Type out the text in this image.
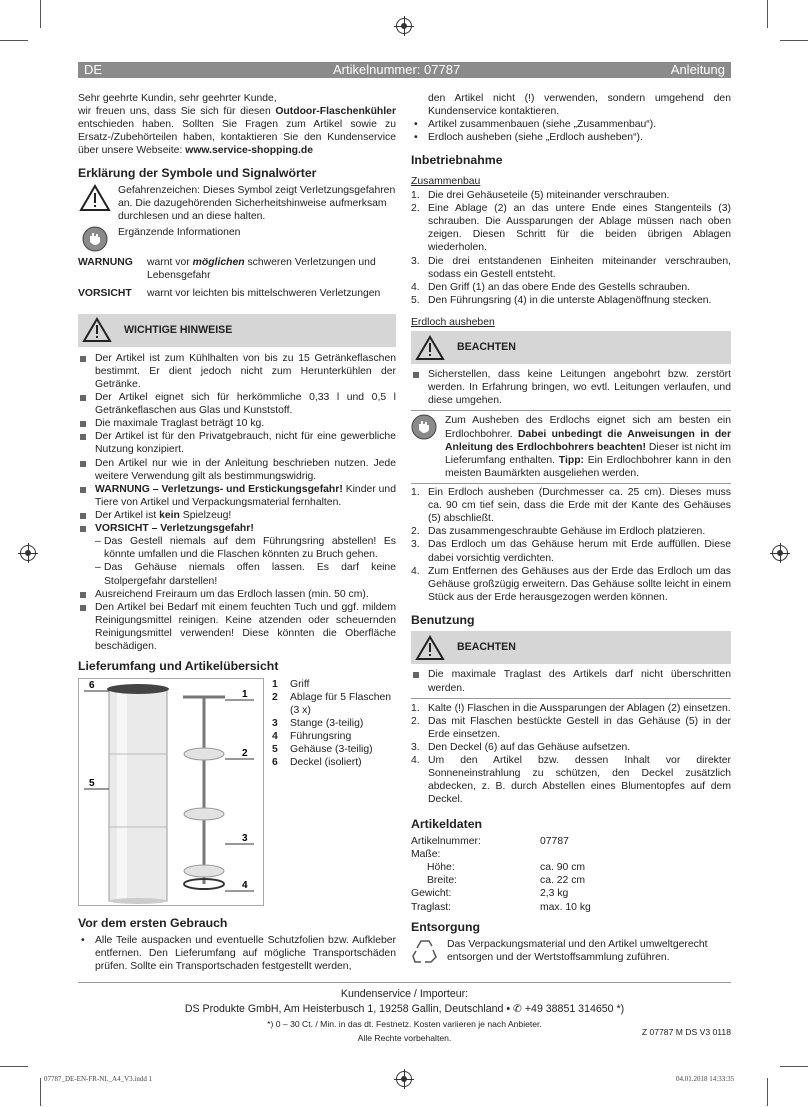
DE	Artikelnummer: 07787	Anleitung

Sehr geehrte Kundin, sehr geehrter Kunde,

wir freuen uns, dass Sie sich für diesen Outdoor-Flaschenkühler entschieden haben. Sollten Sie Fragen zum Artikel sowie zu Ersatz-/Zubehörteilen haben, kontaktieren Sie den Kundenservice über unsere Webseite: www.service-shopping.de

Erklärung der Symbole und Signalwörter
Gefahrenzeichen: Dieses Symbol zeigt Verletzungsgefahren an. Die dazugehörenden Sicherheitshinweise aufmerksam durchlesen und an diese halten.
Ergänzende Informationen
WARNUNG	warnt vor möglichen schweren Verletzungen und Lebensgefahr
VORSICHT	warnt vor leichten bis mittelschweren Verletzungen
WICHTIGE HINWEISE
Der Artikel ist zum Kühlhalten von bis zu 15 Getränkeflaschen bestimmt. Er dient jedoch nicht zum Herunterkühlen der Getränke.
Der Artikel eignet sich für herkömmliche 0,33 l und 0,5 l Getränkeflaschen aus Glas und Kunststoff.
Die maximale Traglast beträgt 10 kg.
Der Artikel ist für den Privatgebrauch, nicht für eine gewerbliche Nutzung konzipiert.
Den Artikel nur wie in der Anleitung beschrieben nutzen. Jede weitere Verwendung gilt als bestimmungswidrig.
WARNUNG – Verletzungs- und Erstickungsgefahr! Kinder und Tiere von Artikel und Verpackungsmaterial fernhalten.
Der Artikel ist kein Spielzeug!
VORSICHT – Verletzungsgefahr!
– Das Gestell niemals auf dem Führungsring abstellen! Es könnte umfallen und die Flaschen könnten zu Bruch gehen.
– Das Gehäuse niemals offen lassen. Es darf keine Stolpergefahr darstellen!
Ausreichend Freiraum um das Erdloch lassen (min. 50 cm).
Den Artikel bei Bedarf mit einem feuchten Tuch und ggf. mildem Reinigungsmittel reinigen. Keine atzenden oder scheuernden Reinigungsmittel verwenden! Diese könnten die Oberfläche beschädigen.
Lieferumfang und Artikelübersicht
6
1
5
2
3
4
1	Griff
2	Ablage für 5 Flaschen (3 x)
3	Stange (3-teilig)
4	Führungsring
5	Gehäuse (3-teilig)
6	Deckel (isoliert)
Vor dem ersten Gebrauch
• Alle Teile auspacken und eventuelle Schutzfolien bzw. Aufkleber entfernen. Den Lieferumfang auf mögliche Transportschäden prüfen. Sollte ein Transportschaden festgestellt werden,
den Artikel nicht (!) verwenden, sondern umgehend den Kundenservice kontaktieren.
• Artikel zusammenbauen (siehe „Zusammenbau“).
• Erdloch ausheben (siehe „Erdloch ausheben“).
Inbetriebnahme
Zusammenbau
1. Die drei Gehäuseteile (5) miteinander verschrauben.
2. Eine Ablage (2) an das untere Ende eines Stangenteils (3) schrauben. Die Aussparungen der Ablage müssen nach oben zeigen. Diesen Schritt für die beiden übrigen Ablagen wiederholen.
3. Die drei entstandenen Einheiten miteinander verschrauben, sodass ein Gestell entsteht.
4. Den Griff (1) an das obere Ende des Gestells schrauben.
5. Den Führungsring (4) in die unterste Ablagenöffnung stecken.
Erdloch ausheben
BEACHTEN
Sicherstellen, dass keine Leitungen angebohrt bzw. zerstört werden. In Erfahrung bringen, wo evtl. Leitungen verlaufen, und diese umgehen.
Zum Ausheben des Erdlochs eignet sich am besten ein Erdlochbohrer. Dabei unbedingt die Anweisungen in der Anleitung des Erdlochbohrers beachten! Dieser ist nicht im Lieferumfang enthalten. Tipp: Ein Erdlochbohrer kann in den meisten Baumärkten ausgeliehen werden.
1. Ein Erdloch ausheben (Durchmesser ca. 25 cm). Dieses muss ca. 90 cm tief sein, dass die Erde mit der Kante des Gehäuses (5) abschließt.
2. Das zusammengeschraubte Gehäuse im Erdloch platzieren.
3. Das Erdloch um das Gehäuse herum mit Erde auffüllen. Diese dabei vorsichtig verdichten.
4. Zum Entfernen des Gehäuses aus der Erde das Erdloch um das Gehäuse großzügig erweitern. Das Gehäuse sollte leicht in einem Stück aus der Erde herausgezogen werden können.
Benutzung
BEACHTEN
Die maximale Traglast des Artikels darf nicht überschritten werden.
1. Kalte (!) Flaschen in die Aussparungen der Ablagen (2) einsetzen.
2. Das mit Flaschen bestückte Gestell in das Gehäuse (5) in der Erde einsetzen.
3. Den Deckel (6) auf das Gehäuse aufsetzen.
4. Um den Artikel bzw. dessen Inhalt vor direkter Sonneneinstrahlung zu schützen, den Deckel zusätzlich abdecken, z. B. durch Abstellen eines Blumentopfes auf dem Deckel.
Artikeldaten
Artikelnummer:	07787
Maße:
Höhe:	ca. 90 cm
Breite:	ca. 22 cm
Gewicht:	2,3 kg
Traglast:	max. 10 kg
Entsorgung
Das Verpackungsmaterial und den Artikel umweltgerecht entsorgen und der Wertstoffsammlung zuführen.
Kundenservice / Importeur:
DS Produkte GmbH, Am Heisterbusch 1, 19258 Gallin, Deutschland • ✆ +49 38851 314650 *)
*) 0 – 30 Ct. / Min. in das dt. Festnetz. Kosten variieren je nach Anbieter.
Alle Rechte vorbehalten.
Z 07787 M DS V3 0118
07787_DE-EN-FR-NL_A4_V3.indd 1	04.01.2018 14:33:35
